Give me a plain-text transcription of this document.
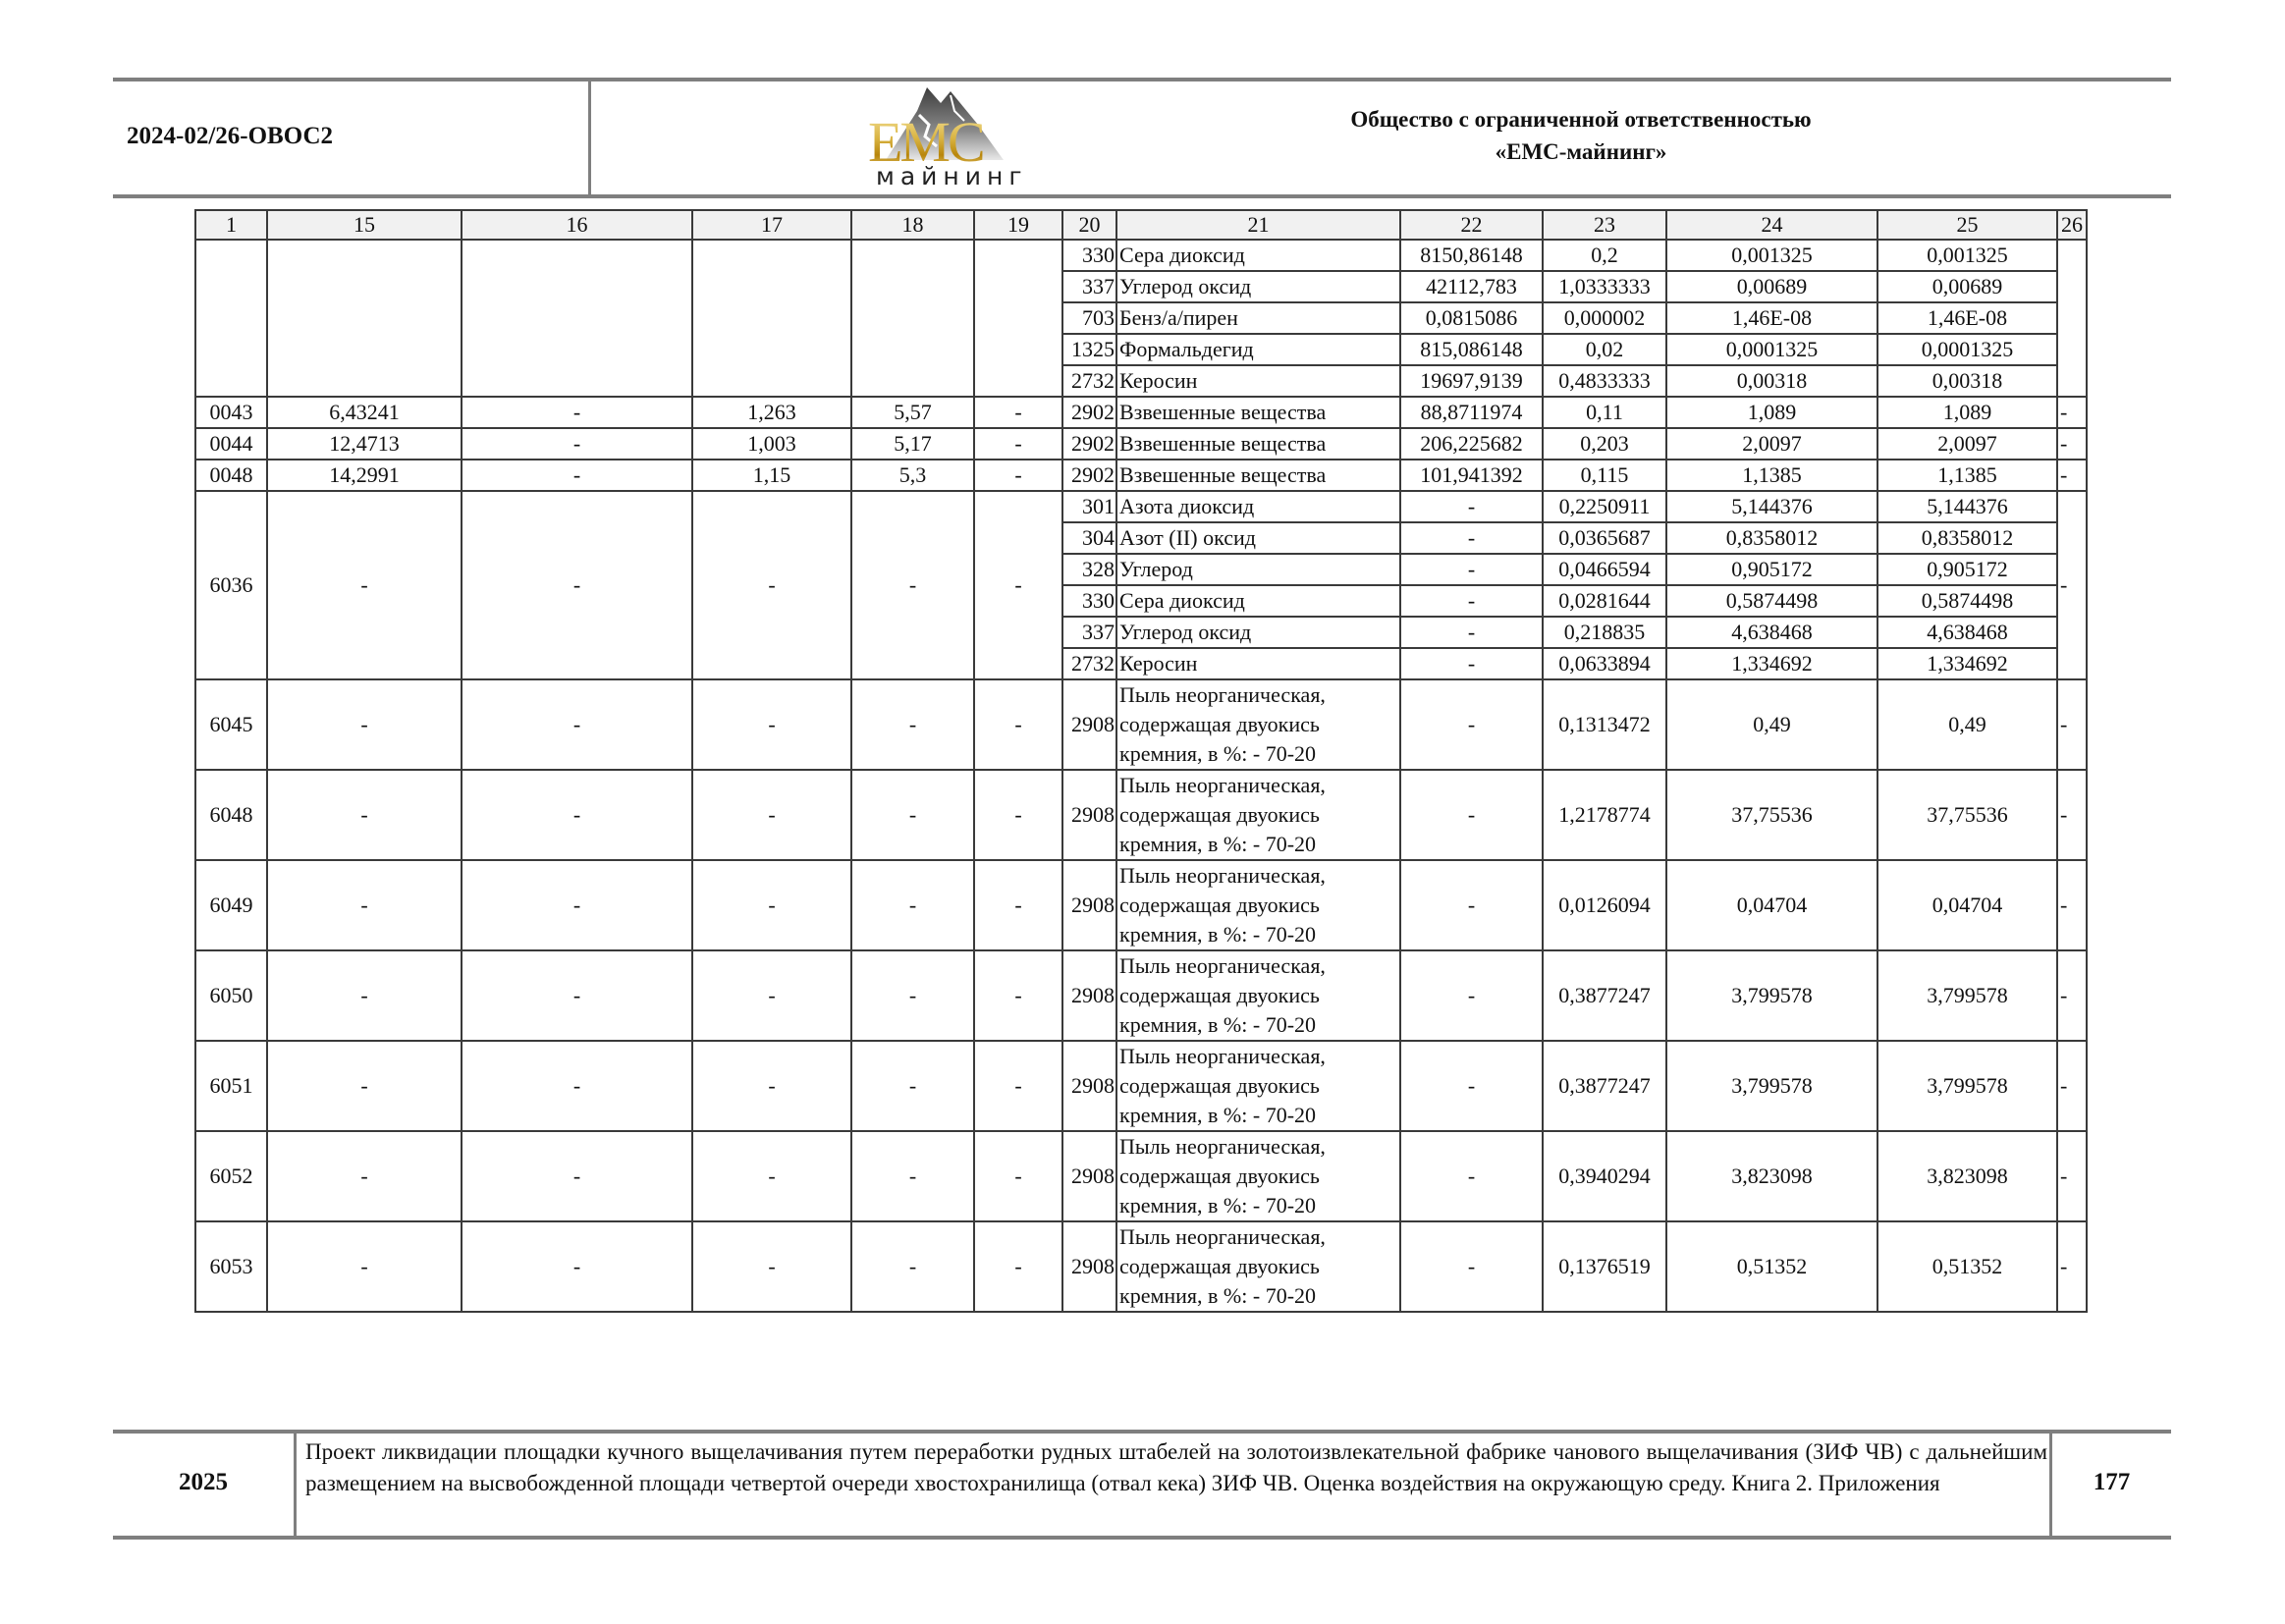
2024-02/26-ОВОС2	EMC
майнинг
Общество с ограниченной ответственностью
«ЕМС-майнинг»
1	15	16	17	18	19	20	21	22	23	24	25	26
						330	Сера диоксид	8150,86148	0,2	0,001325	0,001325	
						337	Углерод оксид	42112,783	1,0333333	0,00689	0,00689	
						703	Бенз/а/пирен	0,0815086	0,000002	1,46E-08	1,46E-08	
						1325	Формальдегид	815,086148	0,02	0,0001325	0,0001325	
						2732	Керосин	19697,9139	0,4833333	0,00318	0,00318	
0043	6,43241	-	1,263	5,57	-	2902	Взвешенные вещества	88,8711974	0,11	1,089	1,089	-
0044	12,4713	-	1,003	5,17	-	2902	Взвешенные вещества	206,225682	0,203	2,0097	2,0097	-
0048	14,2991	-	1,15	5,3	-	2902	Взвешенные вещества	101,941392	0,115	1,1385	1,1385	-
6036	-	-	-	-	-	301	Азота диоксид	-	0,2250911	5,144376	5,144376	-
						304	Азот (II) оксид	-	0,0365687	0,8358012	0,8358012	
						328	Углерод	-	0,0466594	0,905172	0,905172	
						330	Сера диоксид	-	0,0281644	0,5874498	0,5874498	
						337	Углерод оксид	-	0,218835	4,638468	4,638468	
						2732	Керосин	-	0,0633894	1,334692	1,334692	
6045	-	-	-	-	-	2908	Пыль неорганическая, содержащая двуокись кремния, в %: - 70-20	-	0,1313472	0,49	0,49	-
6048	-	-	-	-	-	2908	Пыль неорганическая, содержащая двуокись кремния, в %: - 70-20	-	1,2178774	37,75536	37,75536	-
6049	-	-	-	-	-	2908	Пыль неорганическая, содержащая двуокись кремния, в %: - 70-20	-	0,0126094	0,04704	0,04704	-
6050	-	-	-	-	-	2908	Пыль неорганическая, содержащая двуокись кремния, в %: - 70-20	-	0,3877247	3,799578	3,799578	-
6051	-	-	-	-	-	2908	Пыль неорганическая, содержащая двуокись кремния, в %: - 70-20	-	0,3877247	3,799578	3,799578	-
6052	-	-	-	-	-	2908	Пыль неорганическая, содержащая двуокись кремния, в %: - 70-20	-	0,3940294	3,823098	3,823098	-
6053	-	-	-	-	-	2908	Пыль неорганическая, содержащая двуокись кремния, в %: - 70-20	-	0,1376519	0,51352	0,51352	-
2025
Проект ликвидации площадки кучного выщелачивания путем переработки рудных штабелей на золотоизвлекательной фабрике чанового выщелачивания (ЗИФ ЧВ) с дальнейшим размещением на высвобожденной площади четвертой очереди хвостохранилища (отвал кека) ЗИФ ЧВ. Оценка воздействия на окружающую среду. Книга 2. Приложения	177
